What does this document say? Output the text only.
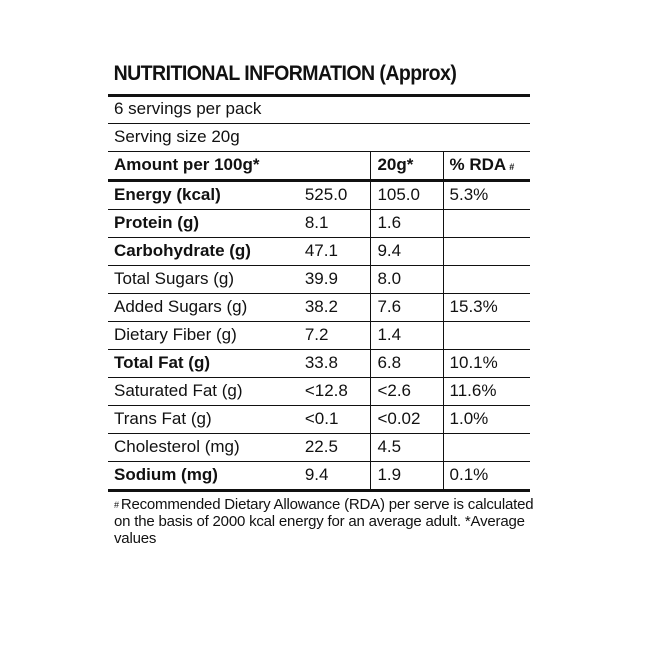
NUTRITIONAL INFORMATION (Approx)
6 servings per pack			
Serving size 20g			
Amount per 100g*		20g*	% RDA #
Energy (kcal)	525.0	105.0	5.3%
Protein (g)	8.1	1.6	
Carbohydrate (g)	47.1	9.4	
Total Sugars (g)	39.9	8.0	
Added Sugars (g)	38.2	7.6	15.3%
Dietary Fiber (g)	7.2	1.4	
Total Fat (g)	33.8	6.8	10.1%
Saturated Fat (g)	<12.8	<2.6	11.6%
Trans Fat (g)	<0.1	<0.02	1.0%
Cholesterol (mg)	22.5	4.5	
Sodium (mg)	9.4	1.9	0.1%
# Recommended Dietary Allowance (RDA) per serve is calculated on the basis of 2000 kcal energy for an average adult. *Average values
